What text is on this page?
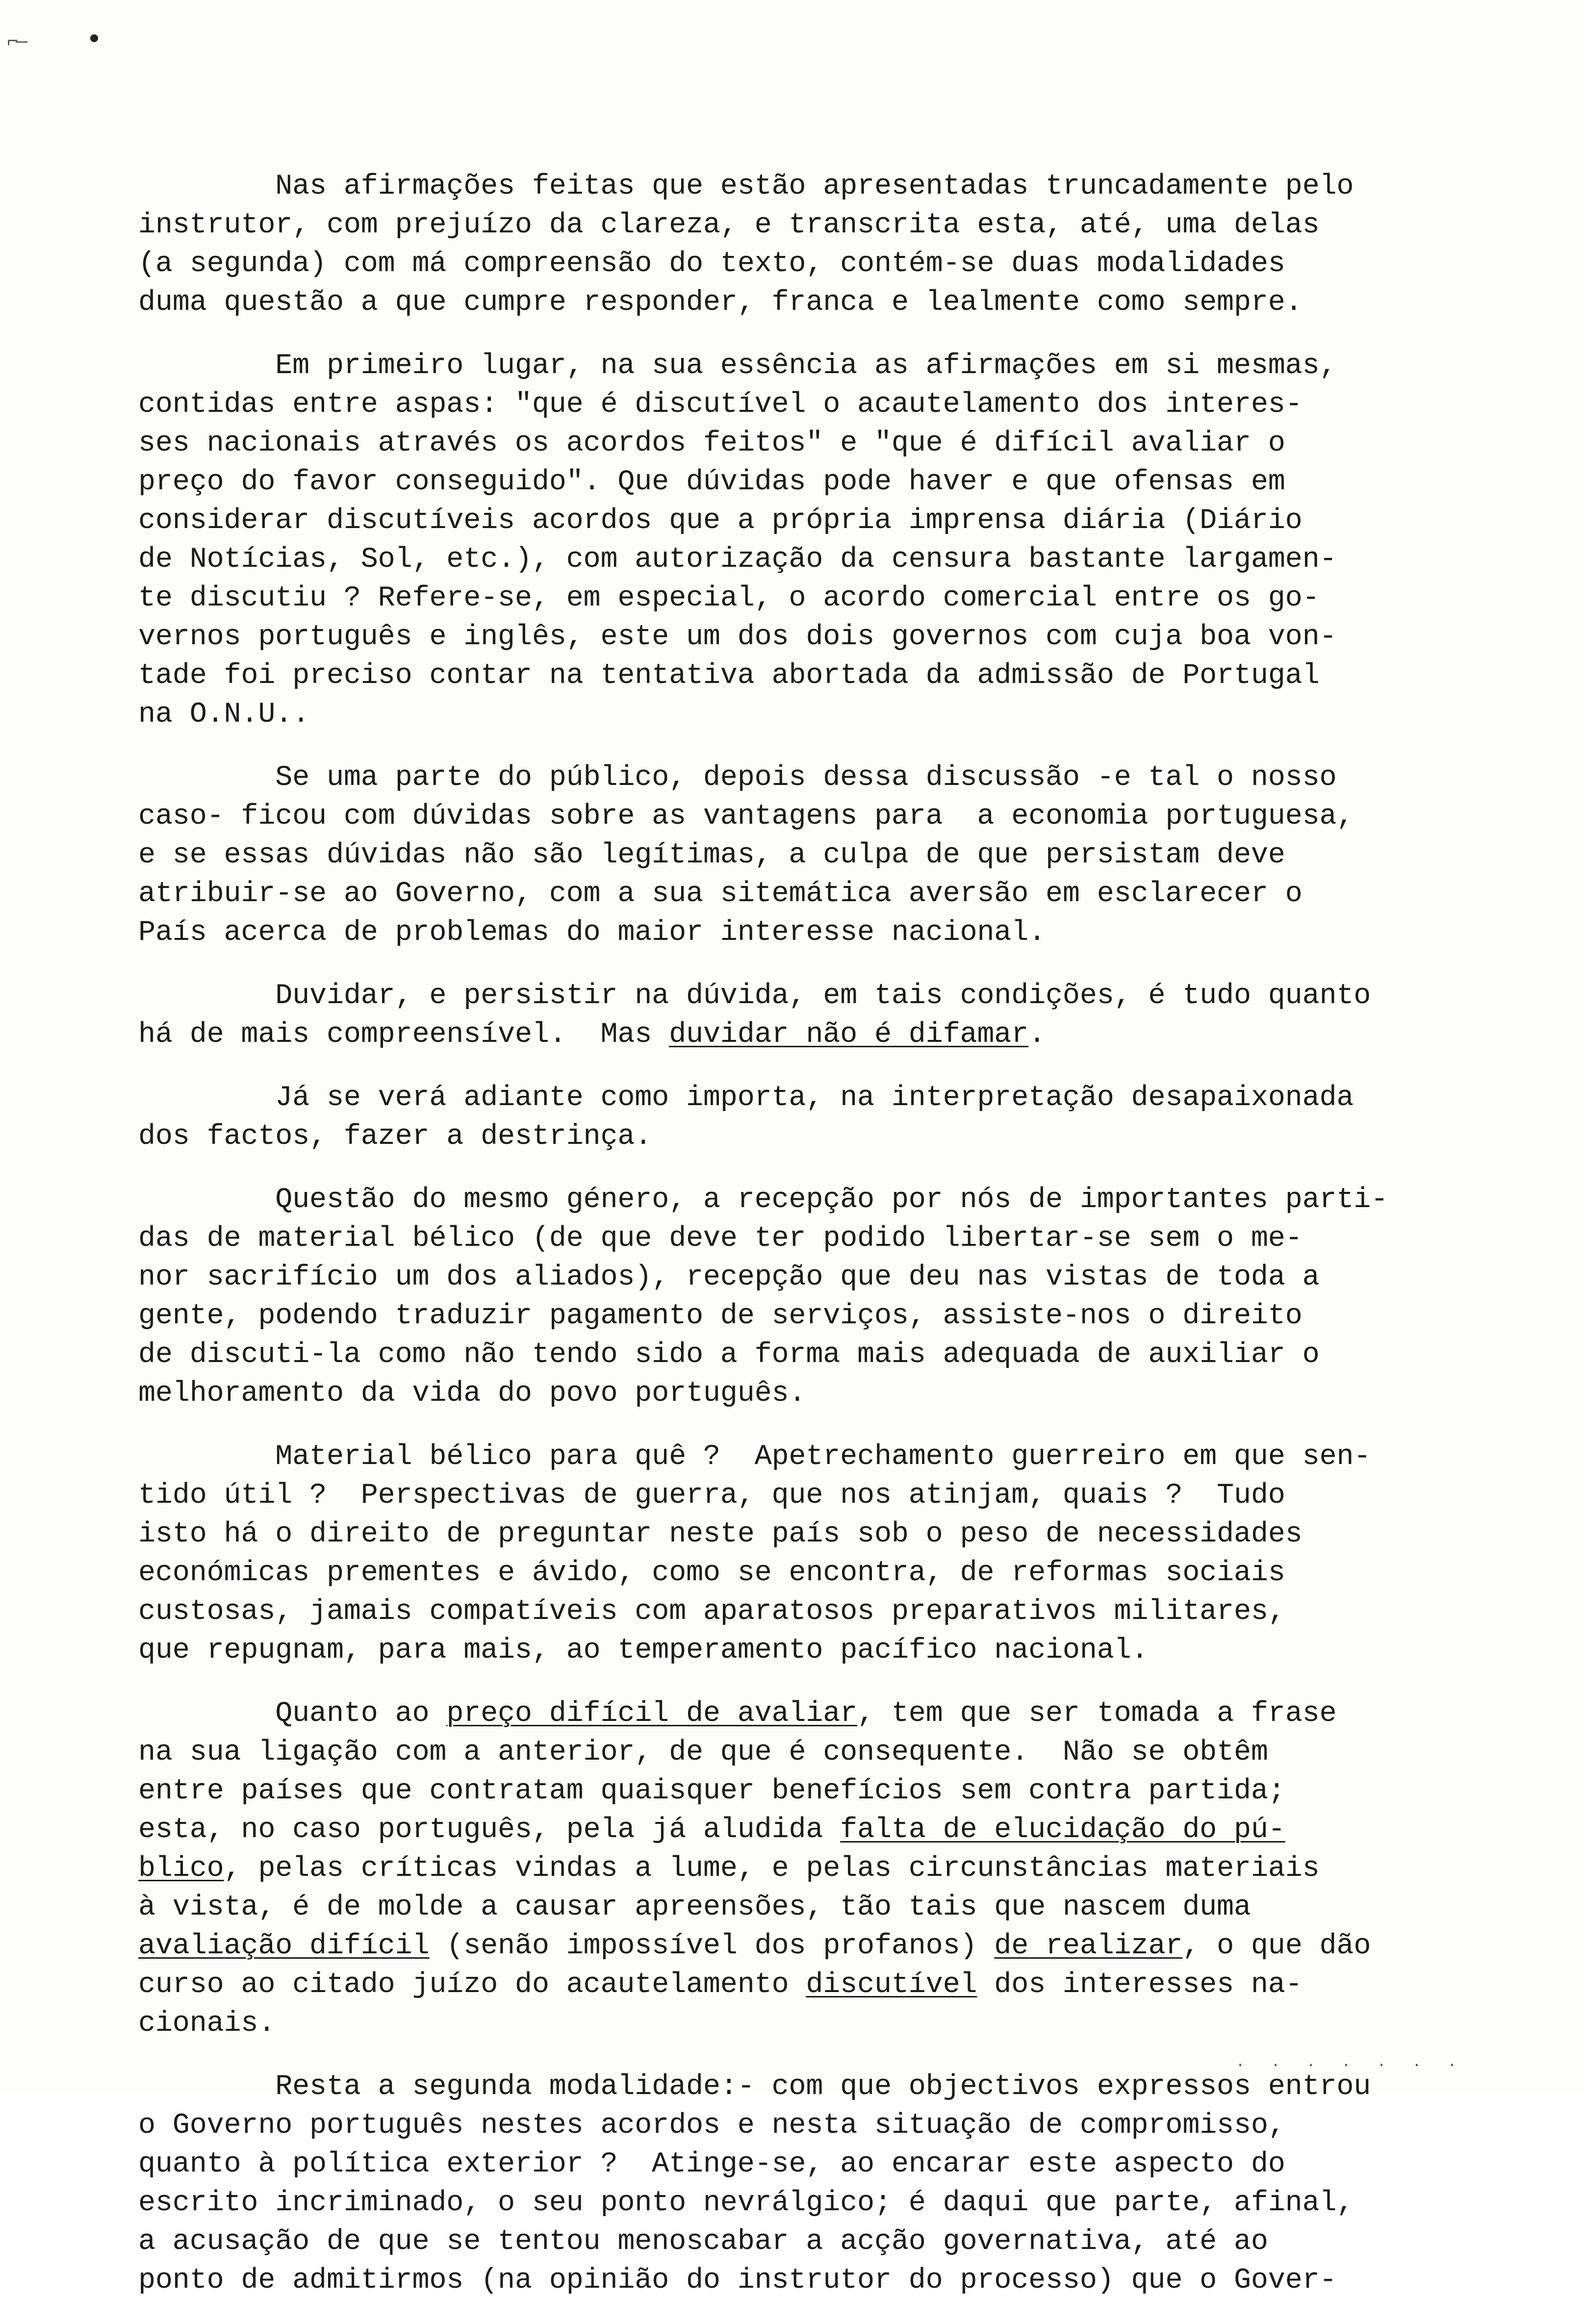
⌐—
Nas afirmações feitas que estão apresentadas truncadamente pelo
instrutor, com prejuízo da clareza, e transcrita esta, até, uma delas
(a segunda) com má compreensão do texto, contém-se duas modalidades
duma questão a que cumpre responder, franca e lealmente como sempre.
Em primeiro lugar, na sua essência as afirmações em si mesmas,
contidas entre aspas: "que é discutível o acautelamento dos interes-
ses nacionais através os acordos feitos" e "que é difícil avaliar o
preço do favor conseguido". Que dúvidas pode haver e que ofensas em
considerar discutíveis acordos que a própria imprensa diária (Diário
de Notícias, Sol, etc.), com autorização da censura bastante largamen-
te discutiu ? Refere-se, em especial, o acordo comercial entre os go-
vernos português e inglês, este um dos dois governos com cuja boa von-
tade foi preciso contar na tentativa abortada da admissão de Portugal
na O.N.U..
Se uma parte do público, depois dessa discussão -e tal o nosso
caso- ficou com dúvidas sobre as vantagens para  a economia portuguesa,
e se essas dúvidas não são legítimas, a culpa de que persistam deve
atribuir-se ao Governo, com a sua sitemática aversão em esclarecer o
País acerca de problemas do maior interesse nacional.
Duvidar, e persistir na dúvida, em tais condições, é tudo quanto
há de mais compreensível.  Mas duvidar não é difamar.
Já se verá adiante como importa, na interpretação desapaixonada
dos factos, fazer a destrinça.
Questão do mesmo género, a recepção por nós de importantes parti-
das de material bélico (de que deve ter podido libertar-se sem o me-
nor sacrifício um dos aliados), recepção que deu nas vistas de toda a
gente, podendo traduzir pagamento de serviços, assiste-nos o direito
de discuti-la como não tendo sido a forma mais adequada de auxiliar o
melhoramento da vida do povo português.
Material bélico para quê ?  Apetrechamento guerreiro em que sen-
tido útil ?  Perspectivas de guerra, que nos atinjam, quais ?  Tudo
isto há o direito de preguntar neste país sob o peso de necessidades
económicas prementes e ávido, como se encontra, de reformas sociais
custosas, jamais compatíveis com aparatosos preparativos militares,
que repugnam, para mais, ao temperamento pacífico nacional.
Quanto ao preço difícil de avaliar, tem que ser tomada a frase
na sua ligação com a anterior, de que é consequente.  Não se obtêm
entre países que contratam quaisquer benefícios sem contra partida;
esta, no caso português, pela já aludida falta de elucidação do pú-
blico, pelas críticas vindas a lume, e pelas circunstâncias materiais
à vista, é de molde a causar apreensões, tão tais que nascem duma
avaliação difícil (senão impossível dos profanos) de realizar, o que dão
curso ao citado juízo do acautelamento discutível dos interesses na-
cionais.
Resta a segunda modalidade:- com que objectivos expressos entrou
o Governo português nestes acordos e nesta situação de compromisso,
quanto à política exterior ?  Atinge-se, ao encarar este aspecto do
escrito incriminado, o seu ponto nevrálgico; é daqui que parte, afinal,
a acusação de que se tentou menoscabar a acção governativa, até ao
ponto de admitirmos (na opinião do instrutor do processo) que o Gover-
. . . . . . .
